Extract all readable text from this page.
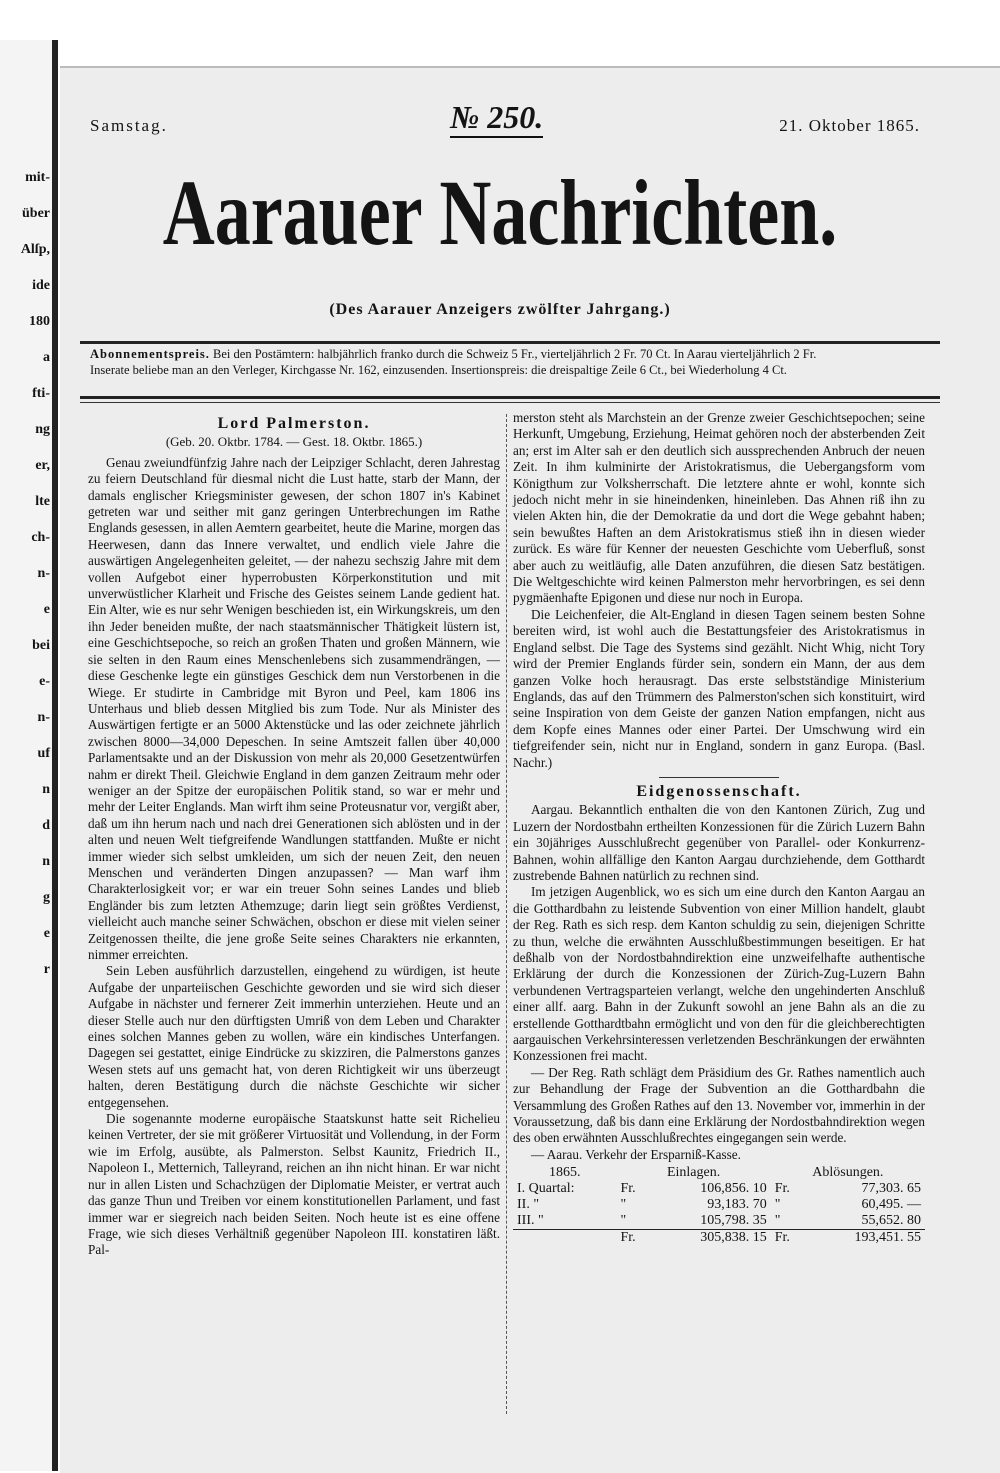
mit-
über
Alſp,
ide
180
a
fti-
ng
er,
lte
ch-
n-
e
bei
e-
n-
uf
n
d
n
g
e
r
Samstag.	№ 250.	21. Oktober 1865.
Aarauer Nachrichten.
(Des Aarauer Anzeigers zwölfter Jahrgang.)
Abonnementspreis. Bei den Postämtern: halbjährlich franko durch die Schweiz 5 Fr., vierteljährlich 2 Fr. 70 Ct. In Aarau vierteljährlich 2 Fr.
Inserate beliebe man an den Verleger, Kirchgasse Nr. 162, einzusenden. Insertionspreis: die dreispaltige Zeile 6 Ct., bei Wiederholung 4 Ct.
Lord Palmerston.
(Geb. 20. Oktbr. 1784. — Gest. 18. Oktbr. 1865.)

Genau zweiundfünfzig Jahre nach der Leipziger Schlacht, deren Jahrestag zu feiern Deutschland für diesmal nicht die Lust hatte, starb der Mann, der damals englischer Kriegsminister gewesen, der schon 1807 in's Kabinet getreten war und seither mit ganz geringen Unterbrechungen im Rathe Englands gesessen, in allen Aemtern gearbeitet, heute die Marine, morgen das Heerwesen, dann das Innere verwaltet, und endlich viele Jahre die auswärtigen Angelegenheiten geleitet, — der nahezu sechszig Jahre mit dem vollen Aufgebot einer hyperrobusten Körperkonstitution und mit unverwüstlicher Klarheit und Frische des Geistes seinem Lande gedient hat. Ein Alter, wie es nur sehr Wenigen beschieden ist, ein Wirkungskreis, um den ihn Jeder beneiden mußte, der nach staatsmännischer Thätigkeit lüstern ist, eine Geschichtsepoche, so reich an großen Thaten und großen Männern, wie sie selten in den Raum eines Menschenlebens sich zusammendrängen, — diese Geschenke legte ein günstiges Geschick dem nun Verstorbenen in die Wiege. Er studirte in Cambridge mit Byron und Peel, kam 1806 ins Unterhaus und blieb dessen Mitglied bis zum Tode. Nur als Minister des Auswärtigen fertigte er an 5000 Aktenstücke und las oder zeichnete jährlich zwischen 8000—34,000 Depeschen. In seine Amtszeit fallen über 40,000 Parlamentsakte und an der Diskussion von mehr als 20,000 Gesetzentwürfen nahm er direkt Theil. Gleichwie England in dem ganzen Zeitraum mehr oder weniger an der Spitze der europäischen Politik stand, so war er mehr und mehr der Leiter Englands. Man wirft ihm seine Proteusnatur vor, vergißt aber, daß um ihn herum nach und nach drei Generationen sich ablösten und in der alten und neuen Welt tiefgreifende Wandlungen stattfanden. Mußte er nicht immer wieder sich selbst umkleiden, um sich der neuen Zeit, den neuen Menschen und veränderten Dingen anzupassen? — Man warf ihm Charakterlosigkeit vor; er war ein treuer Sohn seines Landes und blieb Engländer bis zum letzten Athemzuge; darin liegt sein größtes Verdienst, vielleicht auch manche seiner Schwächen, obschon er diese mit vielen seiner Zeitgenossen theilte, die jene große Seite seines Charakters nie erkannten, nimmer erreichten.

Sein Leben ausführlich darzustellen, eingehend zu würdigen, ist heute Aufgabe der unparteiischen Geschichte geworden und sie wird sich dieser Aufgabe in nächster und fernerer Zeit immerhin unterziehen. Heute und an dieser Stelle auch nur den dürftigsten Umriß von dem Leben und Charakter eines solchen Mannes geben zu wollen, wäre ein kindisches Unterfangen. Dagegen sei gestattet, einige Eindrücke zu skizziren, die Palmerstons ganzes Wesen stets auf uns gemacht hat, von deren Richtigkeit wir uns überzeugt halten, deren Bestätigung durch die nächste Geschichte wir sicher entgegensehen.

Die sogenannte moderne europäische Staatskunst hatte seit Richelieu keinen Vertreter, der sie mit größerer Virtuosität und Vollendung, in der Form wie im Erfolg, ausübte, als Palmerston. Selbst Kaunitz, Friedrich II., Napoleon I., Metternich, Talleyrand, reichen an ihn nicht hinan. Er war nicht nur in allen Listen und Schachzügen der Diplomatie Meister, er vertrat auch das ganze Thun und Treiben vor einem konstitutionellen Parlament, und fast immer war er siegreich nach beiden Seiten. Noch heute ist es eine offene Frage, wie sich dieses Verhältniß gegenüber Napoleon III. konstatiren läßt. Pal-

merston steht als Marchstein an der Grenze zweier Geschichtsepochen; seine Herkunft, Umgebung, Erziehung, Heimat gehören noch der absterbenden Zeit an; erst im Alter sah er den deutlich sich aussprechenden Anbruch der neuen Zeit. In ihm kulminirte der Aristokratismus, die Uebergangsform vom Königthum zur Volksherrschaft. Die letztere ahnte er wohl, konnte sich jedoch nicht mehr in sie hineindenken, hineinleben. Das Ahnen riß ihn zu vielen Akten hin, die der Demokratie da und dort die Wege gebahnt haben; sein bewußtes Haften an dem Aristokratismus stieß ihn in diesen wieder zurück. Es wäre für Kenner der neuesten Geschichte vom Ueberfluß, sonst aber auch zu weitläufig, alle Daten anzuführen, die diesen Satz bestätigen. Die Weltgeschichte wird keinen Palmerston mehr hervorbringen, es sei denn pygmäenhafte Epigonen und diese nur noch in Europa.

Die Leichenfeier, die Alt-England in diesen Tagen seinem besten Sohne bereiten wird, ist wohl auch die Bestattungsfeier des Aristokratismus in England selbst. Die Tage des Systems sind gezählt. Nicht Whig, nicht Tory wird der Premier Englands fürder sein, sondern ein Mann, der aus dem ganzen Volke hoch herausragt. Das erste selbstständige Ministerium Englands, das auf den Trümmern des Palmerston'schen sich konstituirt, wird seine Inspiration von dem Geiste der ganzen Nation empfangen, nicht aus dem Kopfe eines Mannes oder einer Partei. Der Umschwung wird ein tiefgreifender sein, nicht nur in England, sondern in ganz Europa. (Basl. Nachr.)

Eidgenossenschaft.

Aargau. Bekanntlich enthalten die von den Kantonen Zürich, Zug und Luzern der Nordostbahn ertheilten Konzessionen für die Zürich Luzern Bahn ein 30jähriges Ausschlußrecht gegenüber von Parallel- oder Konkurrenz-Bahnen, wohin allfällige den Kanton Aargau durchziehende, dem Gotthardt zustrebende Bahnen natürlich zu rechnen sind.

Im jetzigen Augenblick, wo es sich um eine durch den Kanton Aargau an die Gotthardbahn zu leistende Subvention von einer Million handelt, glaubt der Reg. Rath es sich resp. dem Kanton schuldig zu sein, diejenigen Schritte zu thun, welche die erwähnten Ausschlußbestimmungen beseitigen. Er hat deßhalb von der Nordostbahndirektion eine unzweifelhafte authentische Erklärung der durch die Konzessionen der Zürich-Zug-Luzern Bahn verbundenen Vertragsparteien verlangt, welche den ungehinderten Anschluß einer allf. aarg. Bahn in der Zukunft sowohl an jene Bahn als an die zu erstellende Gotthardtbahn ermöglicht und von den für die gleichberechtigten aargauischen Verkehrsinteressen verletzenden Beschränkungen der erwähnten Konzessionen frei macht.

— Der Reg. Rath schlägt dem Präsidium des Gr. Rathes namentlich auch zur Behandlung der Frage der Subvention an die Gotthardbahn die Versammlung des Großen Rathes auf den 13. November vor, immerhin in der Voraussetzung, daß bis dann eine Erklärung der Nordostbahndirektion wegen des oben erwähnten Ausschlußrechtes eingegangen sein werde.

— Aarau. Verkehr der Ersparniß-Kasse.

1865.	Einlagen.		Ablösungen.	
I. Quartal:	Fr.	106,856. 10	Fr.	77,303. 65
II. "	"	93,183. 70	"	60,495. —
III. "	"	105,798. 35	"	55,652. 80
	Fr.	305,838. 15	Fr.	193,451. 55
